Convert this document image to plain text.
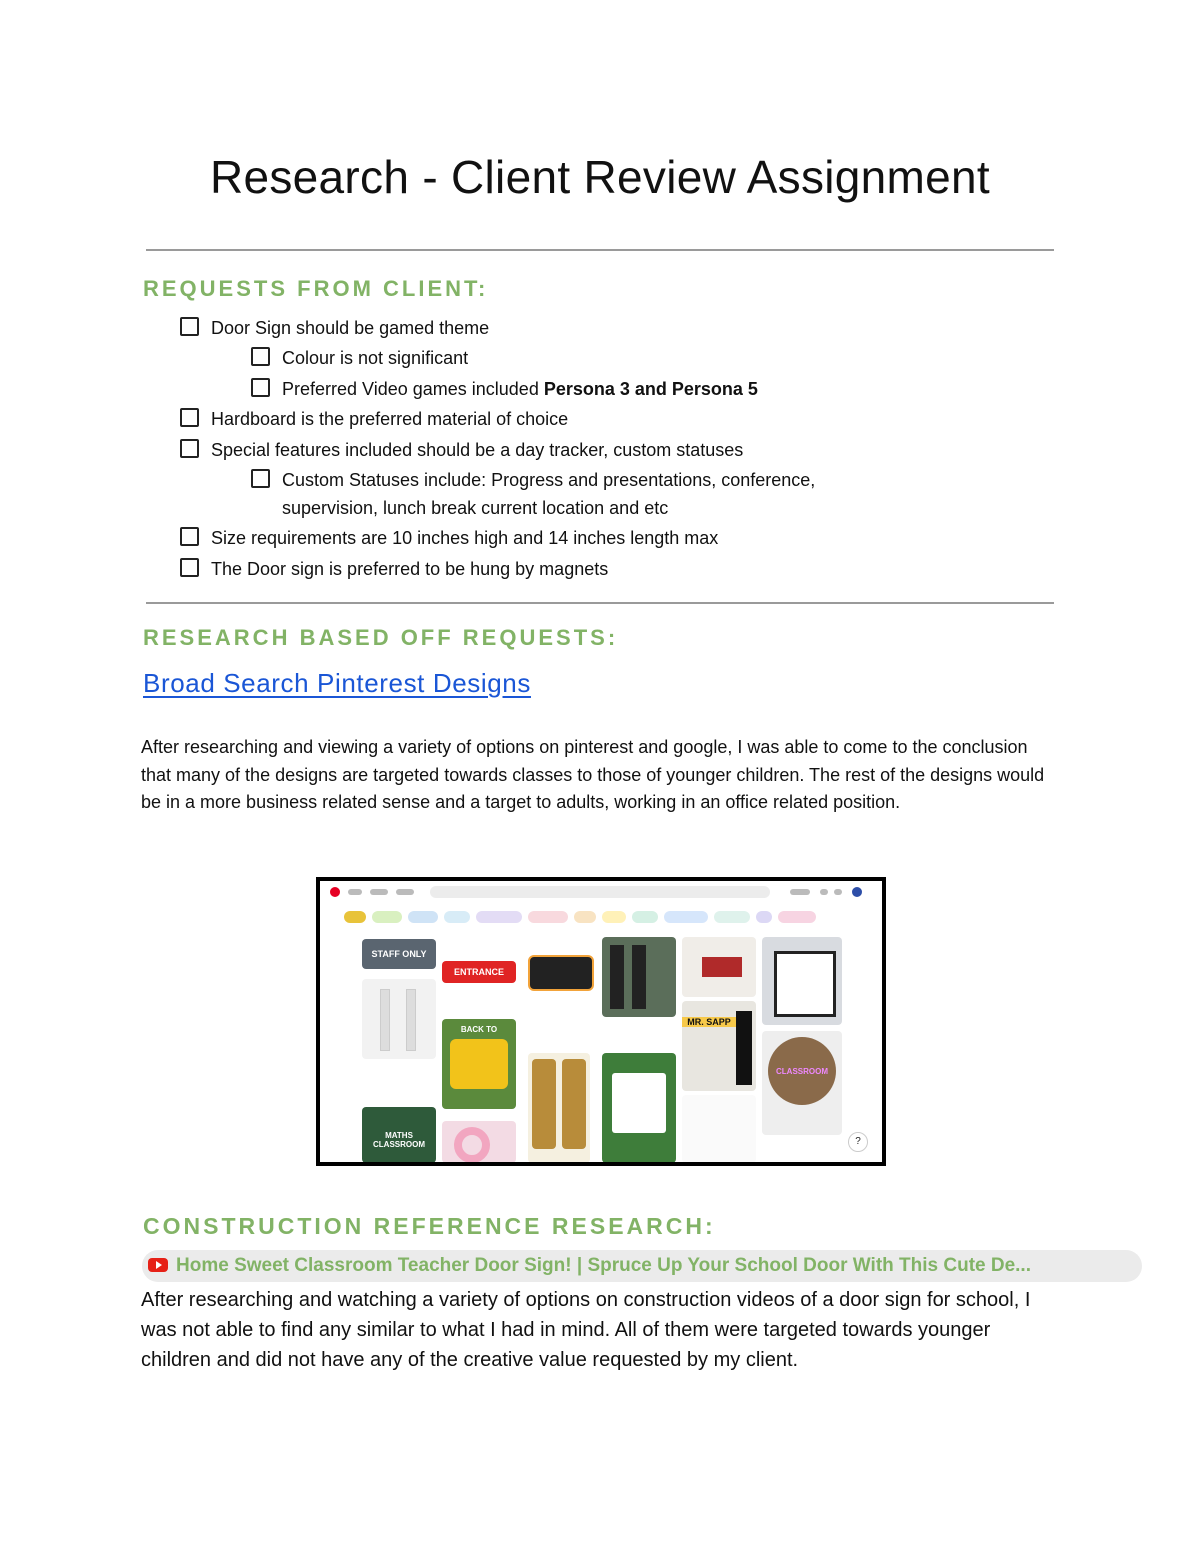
Research - Client Review Assignment
REQUESTS FROM CLIENT:
Door Sign should be gamed theme
Colour is not significant
Preferred Video games included Persona 3 and Persona 5
Hardboard is the preferred material of choice
Special features included should be a day tracker, custom statuses
Custom Statuses include: Progress and presentations, conference,
supervision, lunch break current location and etc
Size requirements are 10 inches high and 14 inches length max
The Door sign is preferred to be hung by magnets
RESEARCH BASED OFF REQUESTS:
Broad Search Pinterest Designs
After researching and viewing a variety of options on pinterest and google, I was able to come to the conclusion that many of the designs are targeted towards classes to those of younger children. The rest of the designs would be in a more business related sense and a target to adults, working in an office related position.
STAFF ONLY
MATHS CLASSROOM
ENTRANCE
BACK TO
MR. SAPP
CLASSROOM
?
CONSTRUCTION REFERENCE RESEARCH:
Home Sweet Classroom Teacher Door Sign! | Spruce Up Your School Door With This Cute De...
After researching and watching a variety of options on construction videos of a door sign for school, I was not able to find any similar to what I had in mind. All of them were targeted towards younger children and did not have any of the creative value requested by my client.
